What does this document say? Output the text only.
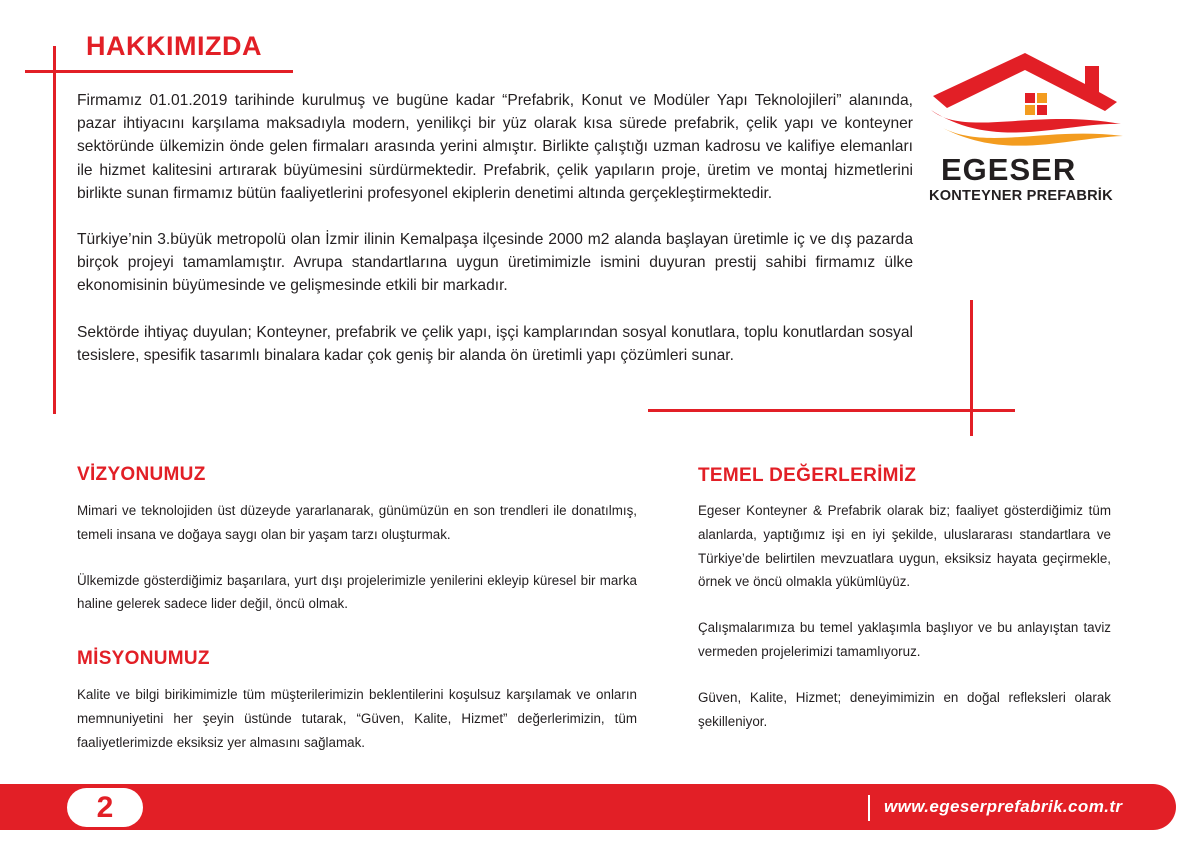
HAKKIMIZDA

Firmamız 01.01.2019 tarihinde kurulmuş ve bugüne kadar “Prefabrik, Konut ve Modüler Yapı Teknolojileri” alanında, pazar ihtiyacını karşılama maksadıyla modern, yenilikçi bir yüz olarak kısa sürede prefabrik, çelik yapı ve konteyner sektöründe ülkemizin önde gelen firmaları arasında yerini almıştır. Birlikte çalıştığı uzman kadrosu ve kalifiye elemanları ile hizmet kalitesini artırarak büyümesini sürdürmektedir. Prefabrik, çelik yapıların proje, üretim ve montaj hizmetlerini birlikte sunan firmamız bütün faaliyetlerini profesyonel ekiplerin denetimi altında gerçekleştirmektedir.

Türkiye’nin 3.büyük metropolü olan İzmir ilinin Kemalpaşa ilçesinde 2000 m2 alanda başlayan üretimle iç ve dış pazarda birçok projeyi tamamlamıştır. Avrupa standartlarına uygun üretimimizle ismini duyuran prestij sahibi firmamız ülke ekonomisinin büyümesinde ve gelişmesinde etkili bir markadır.

Sektörde ihtiyaç duyulan; Konteyner, prefabrik ve çelik yapı, işçi kamplarından sosyal konutlara, toplu konutlardan sosyal tesislere, spesifik tasarımlı binalara kadar çok geniş bir alanda ön üretimli yapı çözümleri sunar.

EGESER
KONTEYNER PREFABRİK
VİZYONUMUZ

Mimari ve teknolojiden üst düzeyde yararlanarak, günümüzün en son trendleri ile donatılmış, temeli insana ve doğaya saygı olan bir yaşam tarzı oluşturmak.

Ülkemizde gösterdiğimiz başarılara, yurt dışı projelerimizle yenilerini ekleyip küresel bir marka haline gelerek sadece lider değil, öncü olmak.

MİSYONUMUZ

Kalite ve bilgi birikimimizle tüm müşterilerimizin beklentilerini koşulsuz karşılamak ve onların memnuniyetini her şeyin üstünde tutarak, “Güven, Kalite, Hizmet” değerlerimizin, tüm faaliyetlerimizde eksiksiz yer almasını sağlamak.

TEMEL DEĞERLERİMİZ

Egeser Konteyner & Prefabrik olarak biz; faaliyet gösterdiğimiz tüm alanlarda, yaptığımız işi en iyi şekilde, uluslararası standartlara ve Türkiye’de belirtilen mevzuatlara uygun, eksiksiz hayata geçirmekle, örnek ve öncü olmakla yükümlüyüz.

Çalışmalarımıza bu temel yaklaşımla başlıyor ve bu anlayıştan taviz vermeden projelerimizi tamamlıyoruz.

Güven, Kalite, Hizmet; deneyimimizin en doğal refleksleri olarak şekilleniyor.

2	www.egeserprefabrik.com.tr
